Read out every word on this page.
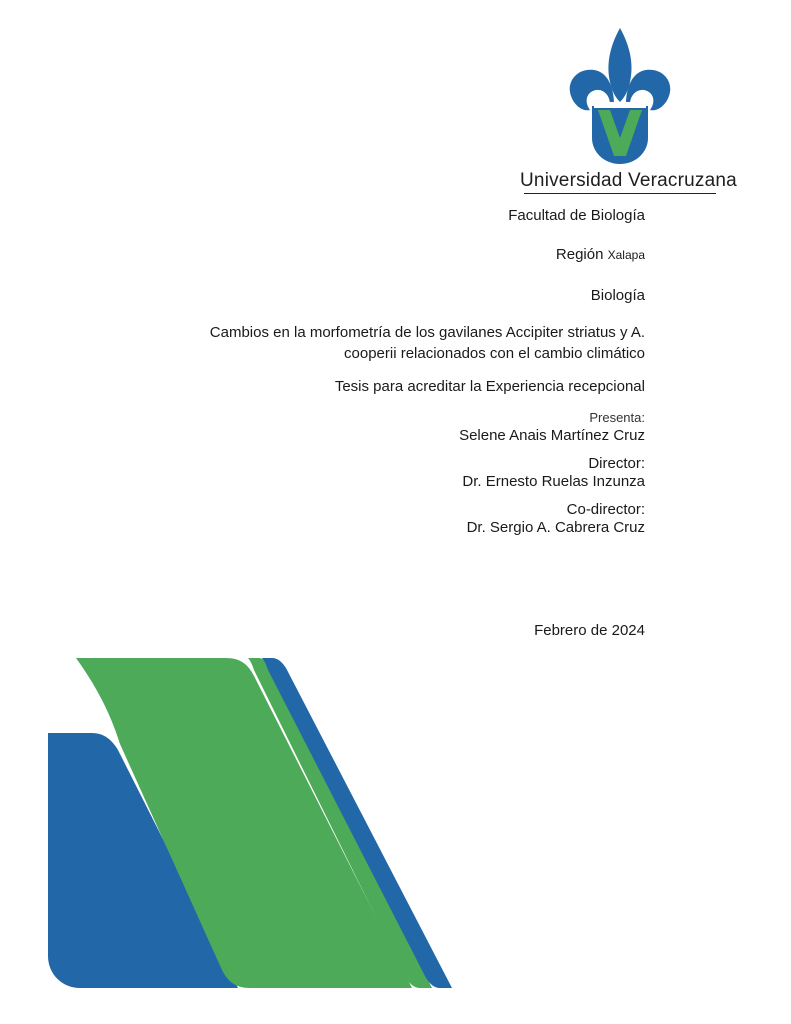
Universidad Veracruzana
Facultad de Biología
Región Xalapa
Biología
Cambios en la morfometría de los gavilanes Accipiter striatus y A.
cooperii relacionados con el cambio climático
Tesis para acreditar la Experiencia recepcional
Presenta:
Selene Anais Martínez Cruz
Director:
Dr. Ernesto Ruelas Inzunza
Co-director:
Dr. Sergio A. Cabrera Cruz
Febrero de 2024
